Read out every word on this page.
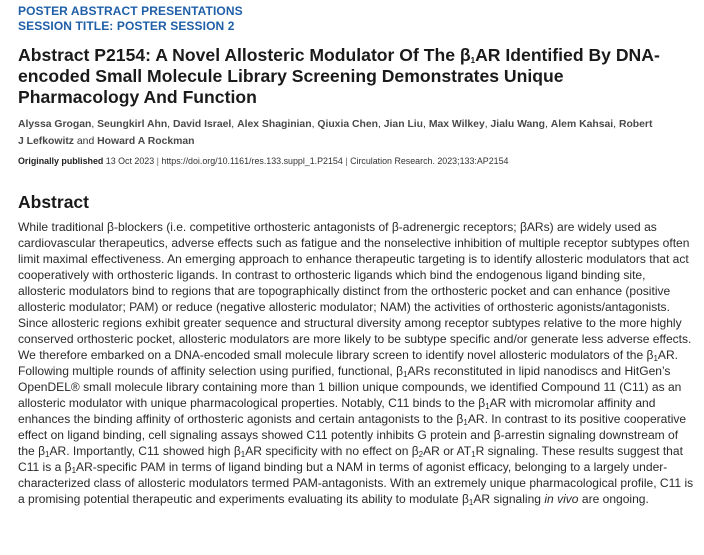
POSTER ABSTRACT PRESENTATIONS
SESSION TITLE: POSTER SESSION 2
Abstract P2154: A Novel Allosteric Modulator Of The $\beta_1AR$ Identified By DNA-encoded Small Molecule Library Screening Demonstrates Unique Pharmacology And Function
Alyssa Grogan, Seungkirl Ahn, David Israel, Alex Shaginian, Qiuxia Chen, Jian Liu, Max Wilkey, Jialu Wang, Alem Kahsai, Robert J Lefkowitz and Howard A Rockman
Originally published 13 Oct 2023 | https://doi.org/10.1161/res.133.suppl_1.P2154 | Circulation Research. 2023;133:AP2154
Abstract
While traditional β-blockers (i.e. competitive orthosteric antagonists of β-adrenergic receptors; βARs) are widely used as cardiovascular therapeutics, adverse effects such as fatigue and the nonselective inhibition of multiple receptor subtypes often limit maximal effectiveness. An emerging approach to enhance therapeutic targeting is to identify allosteric modulators that act cooperatively with orthosteric ligands. In contrast to orthosteric ligands which bind the endogenous ligand binding site, allosteric modulators bind to regions that are topographically distinct from the orthosteric pocket and can enhance (positive allosteric modulator; PAM) or reduce (negative allosteric modulator; NAM) the activities of orthosteric agonists/antagonists. Since allosteric regions exhibit greater sequence and structural diversity among receptor subtypes relative to the more highly conserved orthosteric pocket, allosteric modulators are more likely to be subtype specific and/or generate less adverse effects. We therefore embarked on a DNA-encoded small molecule library screen to identify novel allosteric modulators of the $\beta_1AR$. Following multiple rounds of affinity selection using purified, functional, $\beta_1ARs$ reconstituted in lipid nanodiscs and HitGen’s OpenDEL® small molecule library containing more than 1 billion unique compounds, we identified Compound 11 (C11) as an allosteric modulator with unique pharmacological properties. Notably, C11 binds to the $\beta_1AR$ with micromolar affinity and enhances the binding affinity of orthosteric agonists and certain antagonists to the $\beta_1AR$. In contrast to its positive cooperative effect on ligand binding, cell signaling assays showed C11 potently inhibits G protein and β-arrestin signaling downstream of the $\beta_1AR$. Importantly, C11 showed high $\beta_1AR$ specificity with no effect on $\beta_2AR$ or $AT_1R$ signaling. These results suggest that C11 is a $\beta_1AR$-specific PAM in terms of ligand binding but a NAM in terms of agonist efficacy, belonging to a largely under-characterized class of allosteric modulators termed PAM-antagonists. With an extremely unique pharmacological profile, C11 is a promising potential therapeutic and experiments evaluating its ability to modulate $\beta_1AR$ signaling in vivo are ongoing.
